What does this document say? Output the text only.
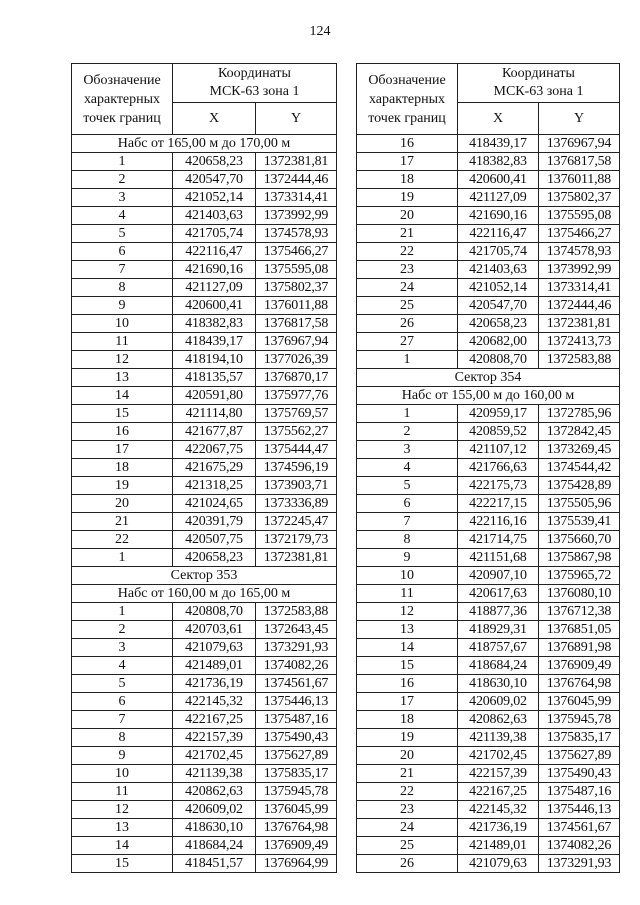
124
Обозначение
характерных
точек границ	Координаты
МСК-63 зона 1	
	X	Y
Набс от 165,00 м до 170,00 м		
1	420658,23	1372381,81
2	420547,70	1372444,46
3	421052,14	1373314,41
4	421403,63	1373992,99
5	421705,74	1374578,93
6	422116,47	1375466,27
7	421690,16	1375595,08
8	421127,09	1375802,37
9	420600,41	1376011,88
10	418382,83	1376817,58
11	418439,17	1376967,94
12	418194,10	1377026,39
13	418135,57	1376870,17
14	420591,80	1375977,76
15	421114,80	1375769,57
16	421677,87	1375562,27
17	422067,75	1375444,47
18	421675,29	1374596,19
19	421318,25	1373903,71
20	421024,65	1373336,89
21	420391,79	1372245,47
22	420507,75	1372179,73
1	420658,23	1372381,81
Сектор 353		
Набс от 160,00 м до 165,00 м		
1	420808,70	1372583,88
2	420703,61	1372643,45
3	421079,63	1373291,93
4	421489,01	1374082,26
5	421736,19	1374561,67
6	422145,32	1375446,13
7	422167,25	1375487,16
8	422157,39	1375490,43
9	421702,45	1375627,89
10	421139,38	1375835,17
11	420862,63	1375945,78
12	420609,02	1376045,99
13	418630,10	1376764,98
14	418684,24	1376909,49
15	418451,57	1376964,99
Обозначение
характерных
точек границ	Координаты
МСК-63 зона 1	
	X	Y
16	418439,17	1376967,94
17	418382,83	1376817,58
18	420600,41	1376011,88
19	421127,09	1375802,37
20	421690,16	1375595,08
21	422116,47	1375466,27
22	421705,74	1374578,93
23	421403,63	1373992,99
24	421052,14	1373314,41
25	420547,70	1372444,46
26	420658,23	1372381,81
27	420682,00	1372413,73
1	420808,70	1372583,88
Сектор 354		
Набс от 155,00 м до 160,00 м		
1	420959,17	1372785,96
2	420859,52	1372842,45
3	421107,12	1373269,45
4	421766,63	1374544,42
5	422175,73	1375428,89
6	422217,15	1375505,96
7	422116,16	1375539,41
8	421714,75	1375660,70
9	421151,68	1375867,98
10	420907,10	1375965,72
11	420617,63	1376080,10
12	418877,36	1376712,38
13	418929,31	1376851,05
14	418757,67	1376891,98
15	418684,24	1376909,49
16	418630,10	1376764,98
17	420609,02	1376045,99
18	420862,63	1375945,78
19	421139,38	1375835,17
20	421702,45	1375627,89
21	422157,39	1375490,43
22	422167,25	1375487,16
23	422145,32	1375446,13
24	421736,19	1374561,67
25	421489,01	1374082,26
26	421079,63	1373291,93
